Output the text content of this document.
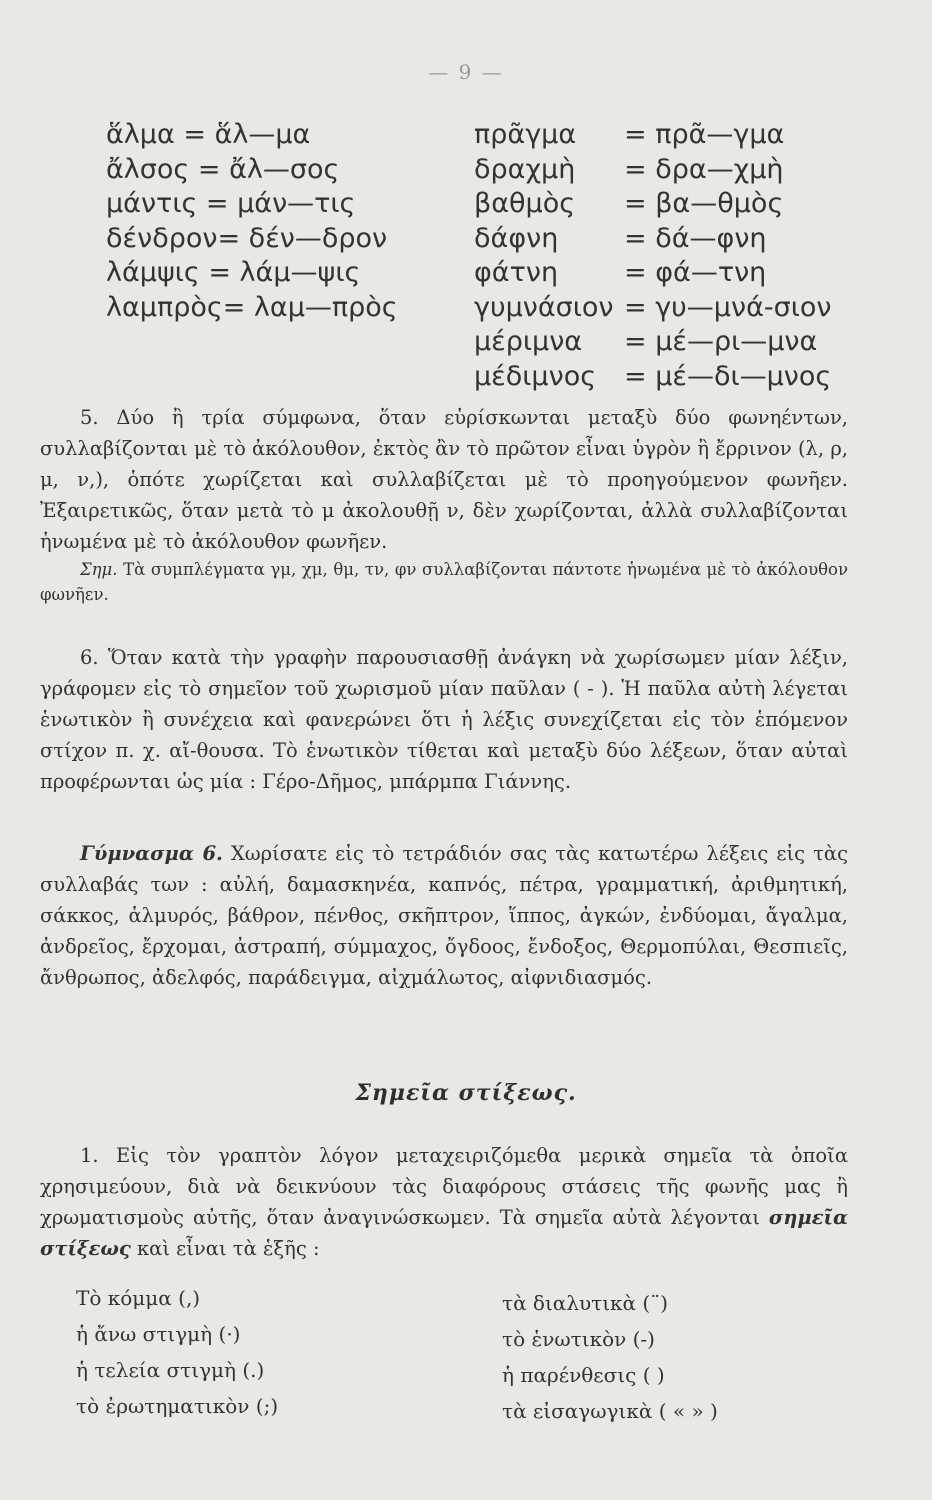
— 9 —
ἅλμα = ἅλ—μα
ἄλσος = ἄλ—σος
μάντις = μάν—τις
δένδρον= δέν—δρον
λάμψις = λάμ—ψις
λαμπρὸς= λαμ—πρὸς
πρᾶγμα = πρᾶ—γμα
δραχμὴ = δρα—χμὴ
βαθμὸς = βα—θμὸς
δάφνη = δά—φνη
φάτνη = φά—τνη
γυμνάσιον = γυ—μνά-σιον
μέριμνα = μέ—ρι—μνα
μέδιμνος = μέ—δι—μνος

5. Δύο ἢ τρία σύμφωνα, ὅταν εὑρίσκωνται μεταξὺ δύο φωνηέντων, συλλαβίζονται μὲ τὸ ἀκόλουθον, ἐκτὸς ἂν τὸ πρῶτον εἶναι ὑγρὸν ἢ ἔρρινον (λ, ρ, μ, ν,), ὁπότε χωρίζεται καὶ συλλαβίζεται μὲ τὸ προηγούμενον φωνῆεν. Ἐξαιρετικῶς, ὅταν μετὰ τὸ μ ἀκολουθῇ ν, δὲν χωρίζονται, ἀλλὰ συλλαβίζονται ἡνωμένα μὲ τὸ ἀκόλουθον φωνῆεν.

Σημ. Τὰ συμπλέγματα γμ, χμ, θμ, τν, φν συλλαβίζονται πάντοτε ἡνωμένα μὲ τὸ ἀκόλουθον φωνῆεν.

6. Ὅταν κατὰ τὴν γραφὴν παρουσιασθῇ ἀνάγκη νὰ χωρίσωμεν μίαν λέξιν, γράφομεν εἰς τὸ σημεῖον τοῦ χωρισμοῦ μίαν παῦλαν ( - ). Ἡ παῦλα αὐτὴ λέγεται ἑνωτικὸν ἢ συνέχεια καὶ φανερώνει ὅτι ἡ λέξις συνεχίζεται εἰς τὸν ἑπόμενον στίχον π. χ. αἴ-θουσα. Τὸ ἑνωτικὸν τίθεται καὶ μεταξὺ δύο λέξεων, ὅταν αὐταὶ προφέρωνται ὡς μία : Γέρο-Δῆμος, μπάρμπα Γιάννης.

Γύμνασμα 6. Χωρίσατε εἰς τὸ τετράδιόν σας τὰς κατωτέρω λέξεις εἰς τὰς συλλαβάς των : αὐλή, δαμασκηνέα, καπνός, πέτρα, γραμματική, ἀριθμητική, σάκκος, ἁλμυρός, βάθρον, πένθος, σκῆπτρον, ἵππος, ἀγκών, ἐνδύομαι, ἄγαλμα, ἀνδρεῖος, ἔρχομαι, ἀστραπή, σύμμαχος, ὄγδοος, ἔνδοξος, Θερμοπύλαι, Θεσπιεῖς, ἄνθρωπος, ἀδελφός, παράδειγμα, αἰχμάλωτος, αἰφνιδιασμός.

Σημεῖα στίξεως.

1. Εἰς τὸν γραπτὸν λόγον μεταχειριζόμεθα μερικὰ σημεῖα τὰ ὁποῖα χρησιμεύουν, διὰ νὰ δεικνύουν τὰς διαφόρους στάσεις τῆς φωνῆς μας ἢ χρωματισμοὺς αὐτῆς, ὅταν ἀναγινώσκωμεν. Τὰ σημεῖα αὐτὰ λέγονται σημεῖα στίξεως καὶ εἶναι τὰ ἑξῆς :

Τὸ κόμμα (,)
ἡ ἄνω στιγμὴ (·)
ἡ τελεία στιγμὴ (.)
τὸ ἐρωτηματικὸν (;)
τὰ διαλυτικὰ (¨)
τὸ ἑνωτικὸν (-)
ἡ παρένθεσις ( )
τὰ εἰσαγωγικὰ ( « » )
